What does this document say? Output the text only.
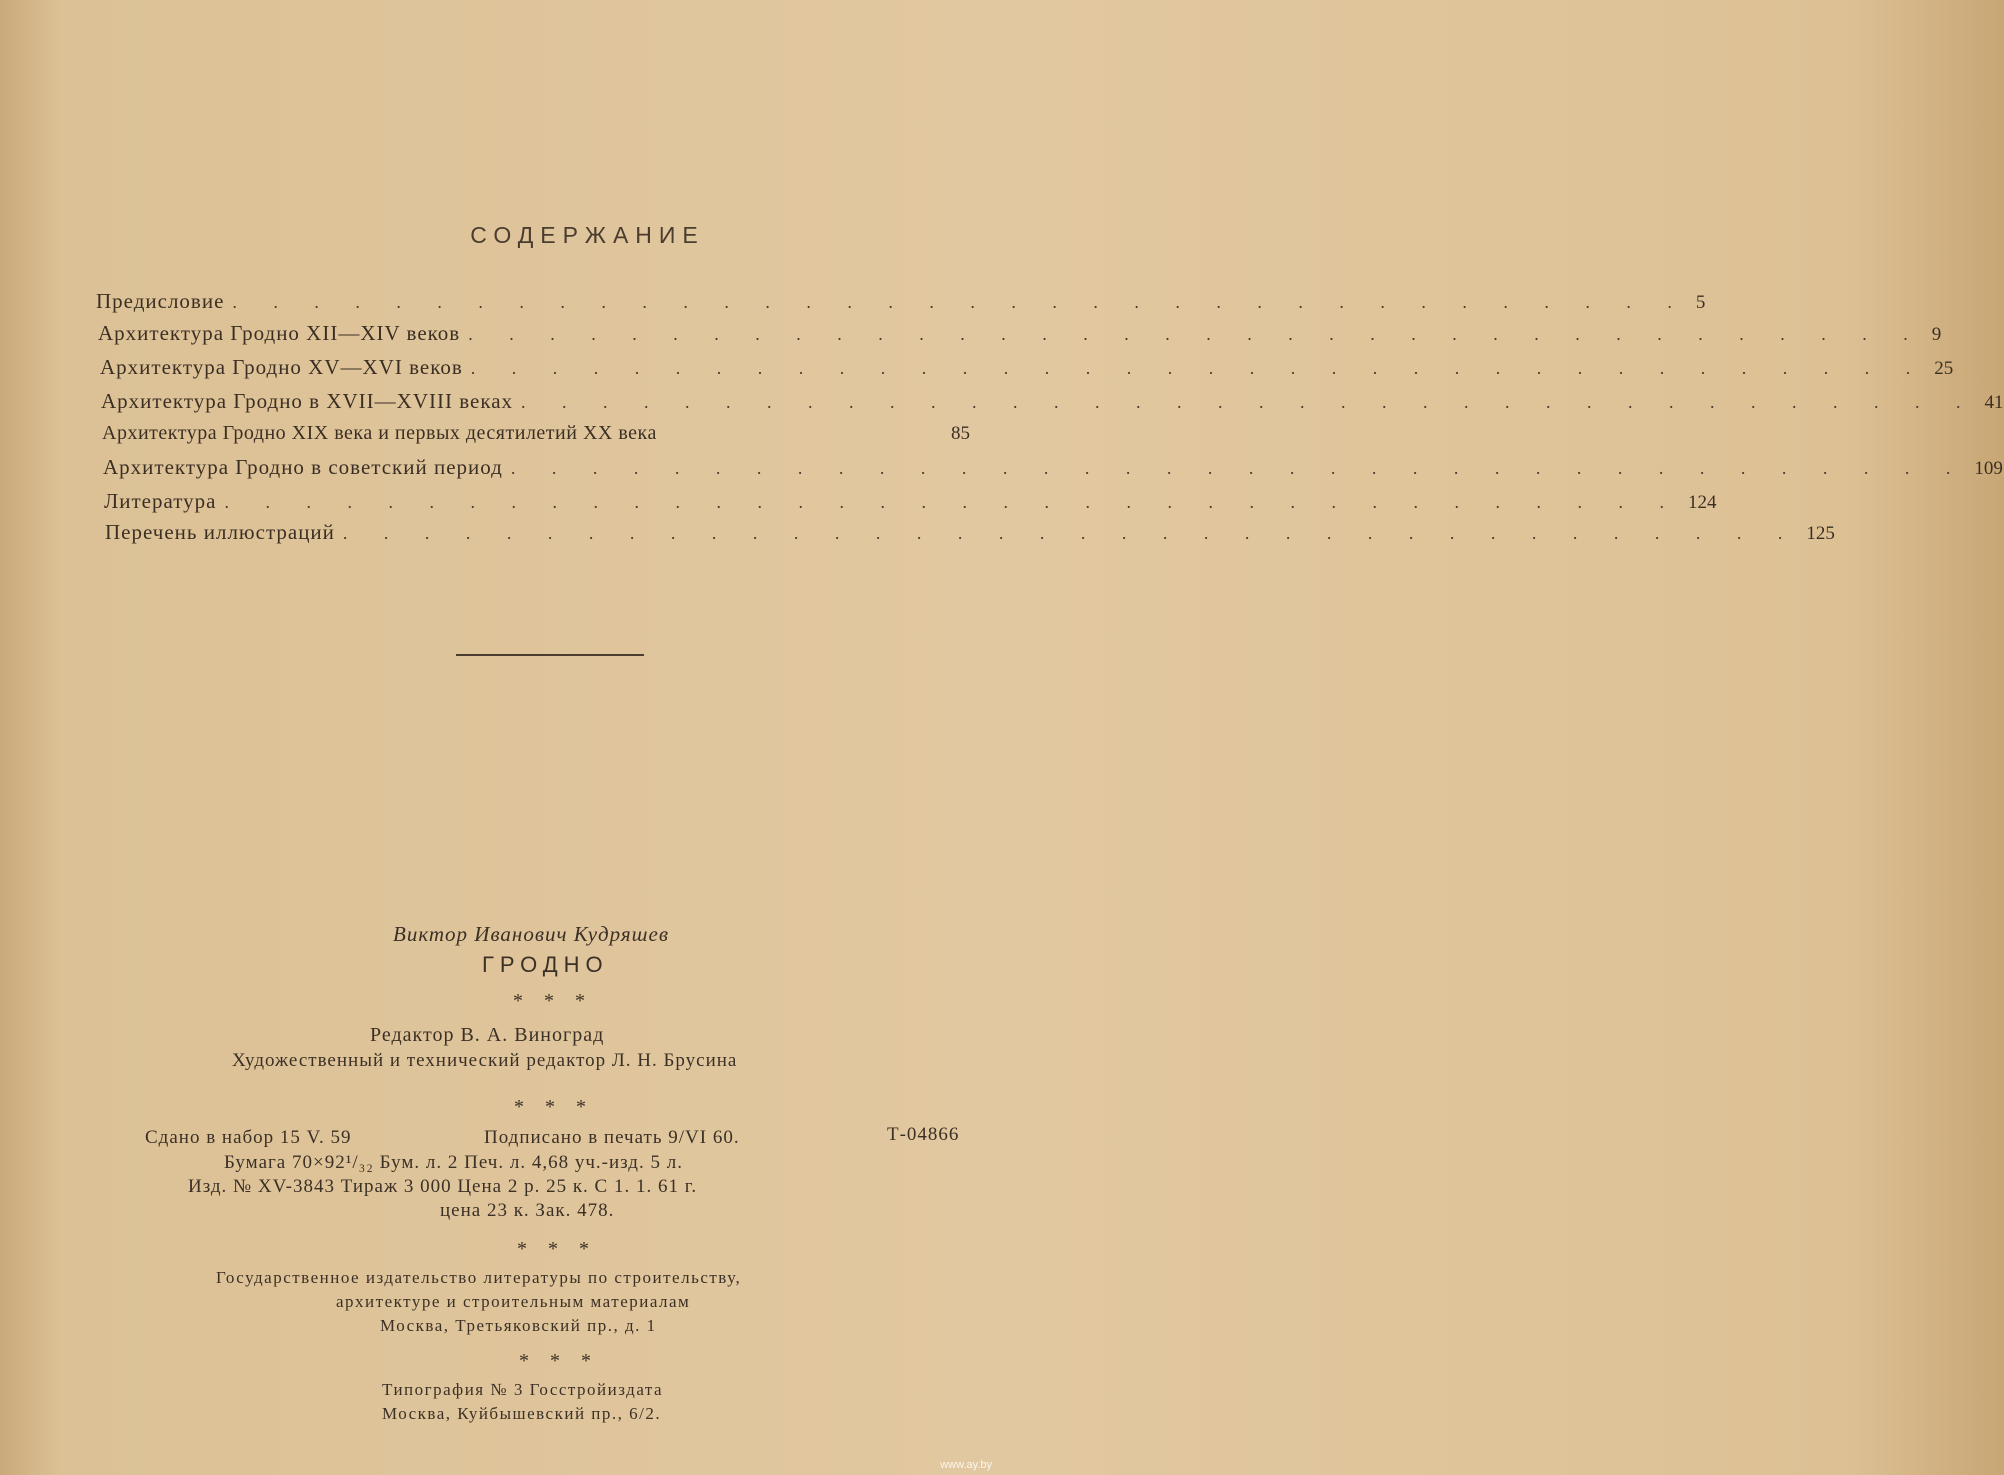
СОДЕРЖАНИЕ
Предисловие . . . . . . . . . . . . . . . . . . . . . . . . . . . . . . . . . . . . 5
Архитектура Гродно XII—XIV веков . . . . . . . . . . . . . . . . . . . . . . . . . . . . . . . . . . . . 9
Архитектура Гродно XV—XVI веков . . . . . . . . . . . . . . . . . . . . . . . . . . . . . . . . . . . . 25
Архитектура Гродно в XVII—XVIII веках . . . . . . . . . . . . . . . . . . . . . . . . . . . . . . . . . . . . 41
Архитектура Гродно XIX века и первых десятилетий XX века	85
Архитектура Гродно в советский период . . . . . . . . . . . . . . . . . . . . . . . . . . . . . . . . . . . . 109
Литература . . . . . . . . . . . . . . . . . . . . . . . . . . . . . . . . . . . . 124
Перечень иллюстраций . . . . . . . . . . . . . . . . . . . . . . . . . . . . . . . . . . . . 125
Виктор Иванович Кудряшев
ГРОДНО
* * *
Редактор В. А. Виноград
Художественный и технический редактор Л. Н. Брусина
* * *
Сдано в набор 15 V. 59	Подписано в печать 9/VI 60.	Т-04866
Бумага 70×92¹/₃₂ Бум. л. 2 Печ. л. 4,68 уч.-изд. 5 л.
Изд. № XV-3843 Тираж 3 000 Цена 2 р. 25 к. С 1. 1. 61 г.
цена 23 к. Зак. 478.
* * *
Государственное издательство литературы по строительству,
архитектуре и строительным материалам
Москва, Третьяковский пр., д. 1
* * *
Типография № 3 Госстройиздата
Москва, Куйбышевский пр., 6/2.
www.ay.by
